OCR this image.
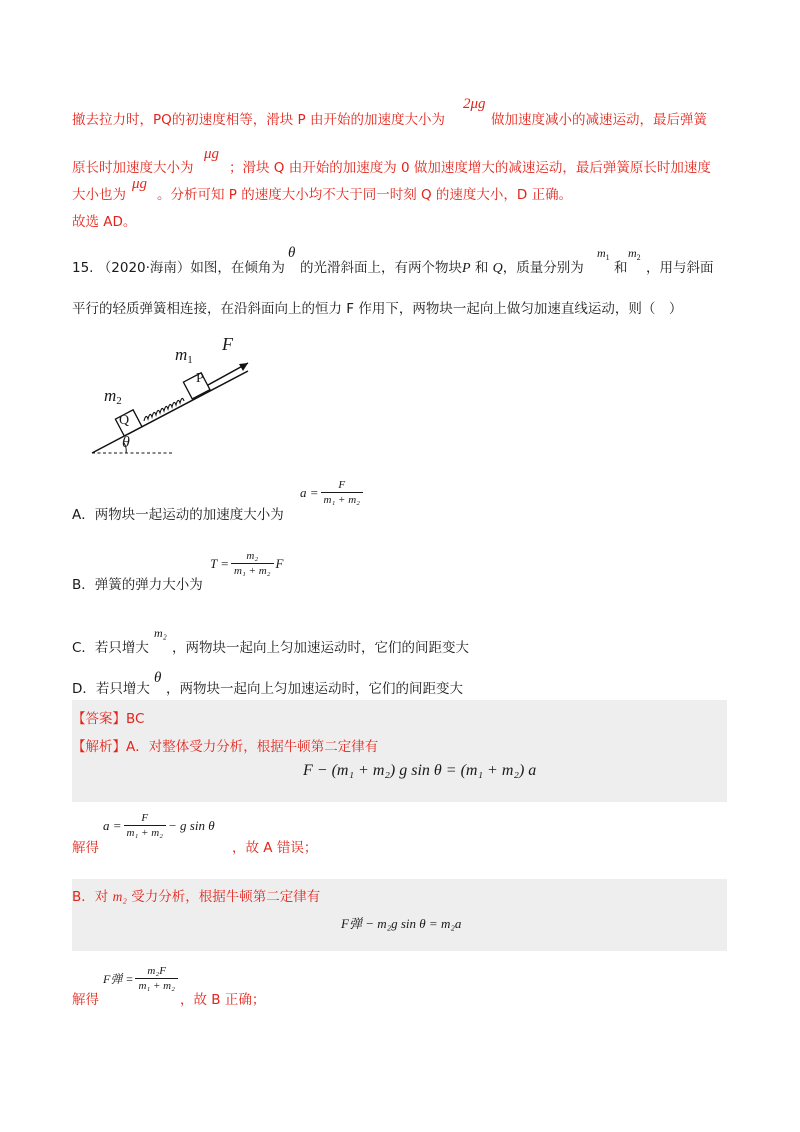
撤去拉力时，PQ的初速度相等，滑块 P 由开始的加速度大小为
2μg
做加速度减小的减速运动，最后弹簧
原长时加速度大小为
μg
；滑块 Q 由开始的加速度为 0 做加速度增大的减速运动，最后弹簧原长时加速度
大小也为
μg
。分析可知 P 的速度大小均不大于同一时刻 Q 的速度大小，D 正确。
故选 AD。
15. （2020·海南）如图，在倾角为
θ
的光滑斜面上，有两个物块P 和 Q，质量分别为
$m_1$
和
$m_2$
，用与斜面
平行的轻质弹簧相连接，在沿斜面向上的恒力 F 作用下，两物块一起向上做匀加速直线运动，则（　）
$m_1$
F
P
$m_2$
Q
θ
A．两物块一起运动的加速度大小为
$a = \frac{F}{\text{m₁ + m₂}}$
B．弹簧的弹力大小为
$T = \frac{\text{m₂}}{\text{m₁ + m₂}}$ F
C．若只增大
m₂
，两物块一起向上匀加速运动时，它们的间距变大
D．若只增大
θ
，两物块一起向上匀加速运动时，它们的间距变大
【答案】BC
【解析】A．对整体受力分析，根据牛顿第二定律有
F − (m₁ + m₂) g sin θ = (m₁ + m₂) a
解得
$a = \frac{F}{\text{m₁ + m₂}} - g$ sin θ
，故 A 错误；
B．对 m₂ 受力分析，根据牛顿第二定律有
F弹 − m₂g sin θ = m₂a
解得
F弹 = $\frac{\text{m₂F}}{\text{m₁ + m₂}}$
，故 B 正确；
